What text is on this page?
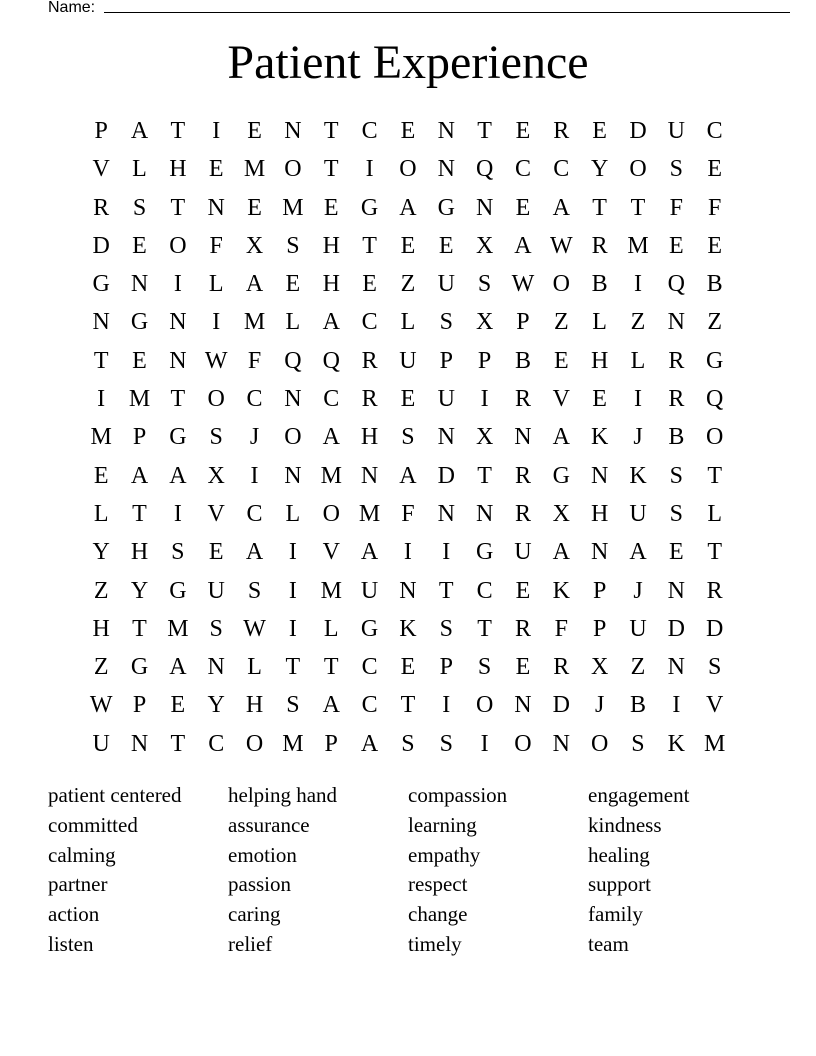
Name:
Patient Experience
P A T	I	E N T C E N T E R E D U C
V L H E M O T	I	O N Q C C Y O S	E
R S	T N E M E G A G N E A T T	F	F
D E O F X S H T E E X A W R M E E
G N	I	L A E H E Z U S W O B	I	Q B
N G N	I M L A C L	S X P	Z L Z N Z
T E N W F Q Q R U P	P B E H L R G
I M T O C N C R E U	I	R V E	I	R Q
M P G S	J	O A H S N X N A K	J	B O
E A A X	I	N M N A D T R G N K S	T
L T	I	V C L O M F N N R X H U S	L
Y H S	E A	I	V A	I	I	G U A N A E T
Z Y G U S	I M U N T C E K P	J	N R
H T M S W I	L G K S	T R F	P U D D
Z G A N L T T C E	P	S	E R X Z N S
W P	E Y H S A C T	I	O N D	J	B	I	V
U N T C O M P A S	S	I	O N O S K M
patient centered	helping hand	compassion	engagement
committed	assurance	learning	kindness
calming	emotion	empathy	healing
partner	passion	respect	support
action	caring	change	family
listen	relief	timely	team
